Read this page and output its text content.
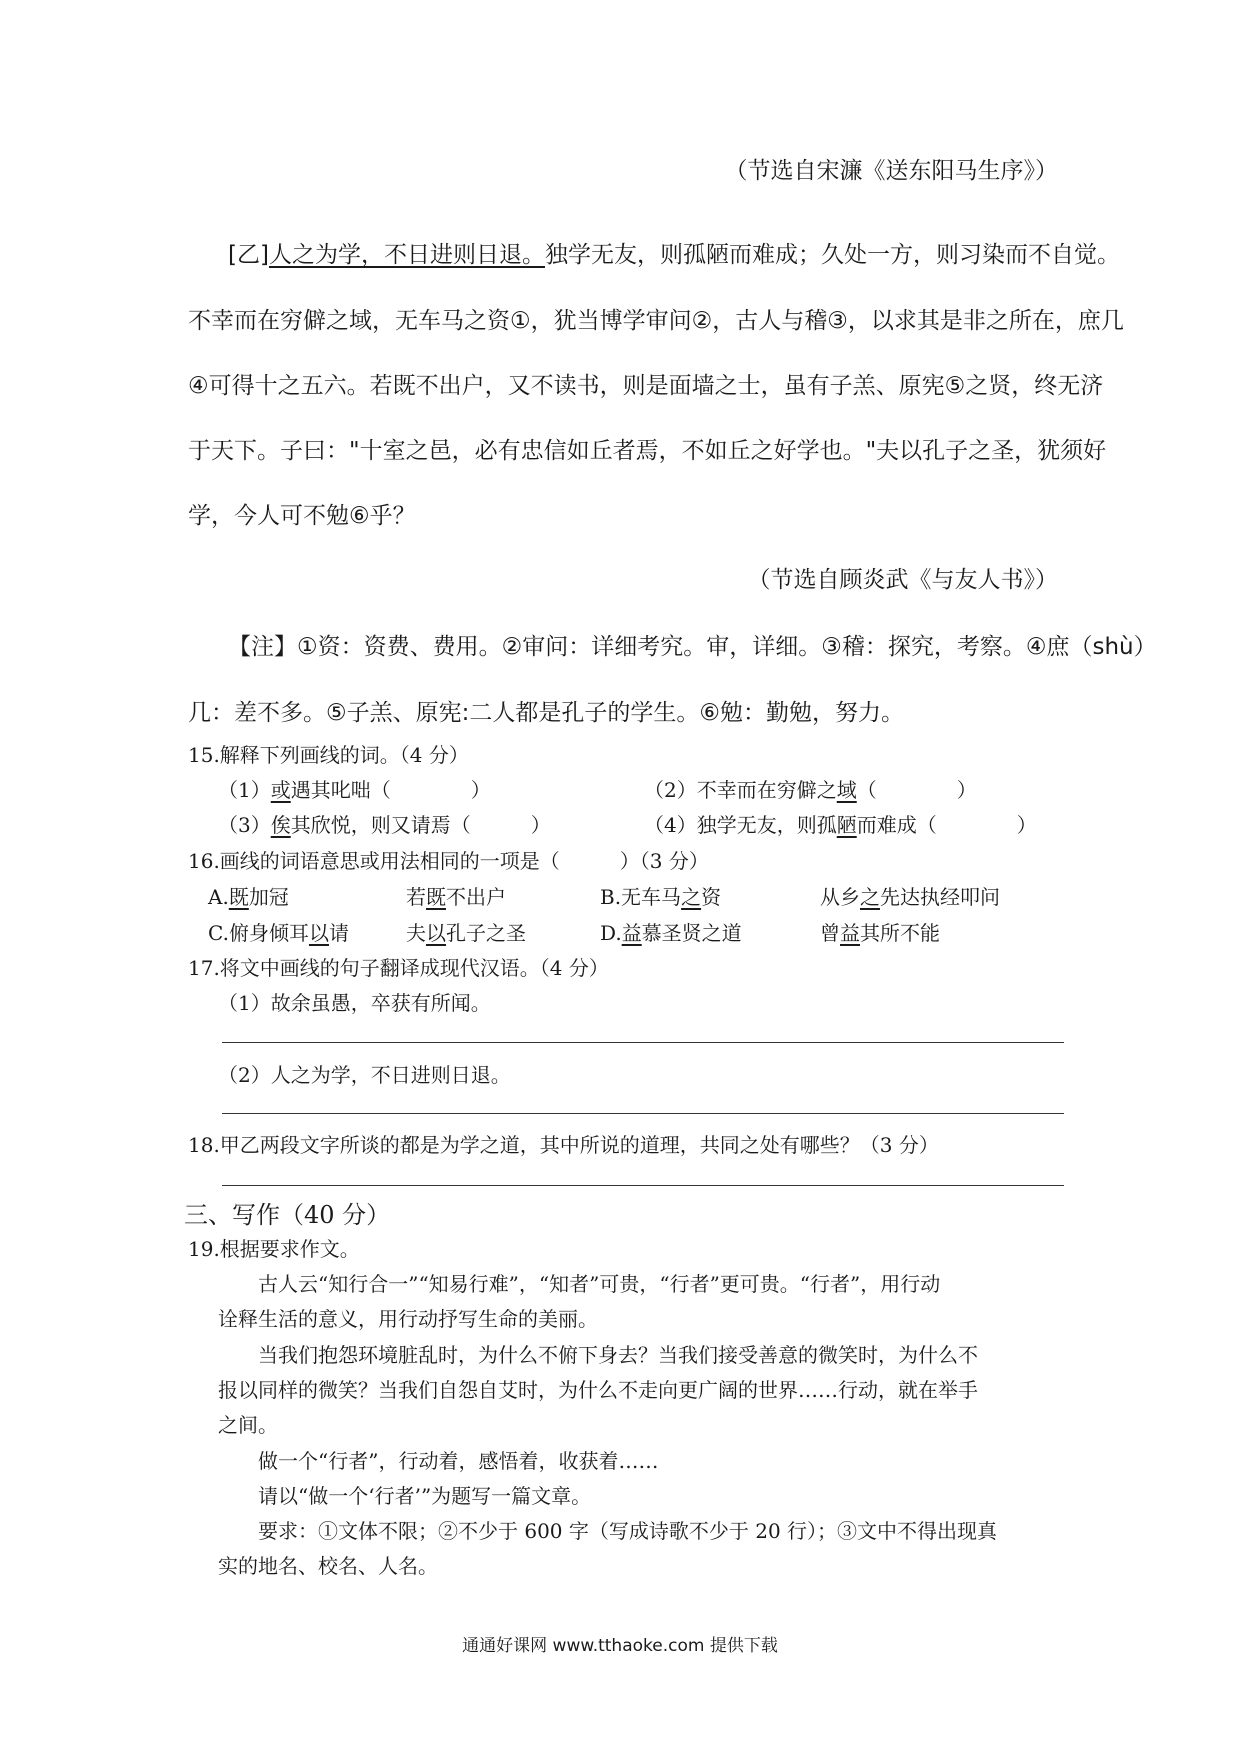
（节选自宋濂《送东阳马生序》）
[乙]人之为学，不日进则日退。独学无友，则孤陋而难成；久处一方，则习染而不自觉。
不幸而在穷僻之域，无车马之资①，犹当博学审问②，古人与稽③，以求其是非之所在，庶几
④可得十之五六。若既不出户，又不读书，则是面墙之士，虽有子羔、原宪⑤之贤，终无济
于天下。子曰："十室之邑，必有忠信如丘者焉，不如丘之好学也。"夫以孔子之圣，犹须好
学，今人可不勉⑥乎？
（节选自顾炎武《与友人书》）
【注】①资：资费、费用。②审问：详细考究。审，详细。③稽：探究，考察。④庶（shù）
几：差不多。⑤子羔、原宪:二人都是孔子的学生。⑥勉：勤勉，努力。
15.解释下列画线的词。（4 分）
（1）或遇其叱咄（　　　　）	（2）不幸而在穷僻之域（　　　　）
（3）俟其欣悦，则又请焉（　　　）	（4）独学无友，则孤陋而难成（　　　　）
16.画线的词语意思或用法相同的一项是（　　　）（3 分）
A.既加冠	若既不出户	B.无车马之资	从乡之先达执经叩问
C.俯身倾耳以请	夫以孔子之圣	D.益慕圣贤之道	曾益其所不能
17.将文中画线的句子翻译成现代汉语。（4 分）
（1）故余虽愚，卒获有所闻。
（2）人之为学，不日进则日退。
18.甲乙两段文字所谈的都是为学之道，其中所说的道理，共同之处有哪些？（3 分）
三、写作（40 分）
19.根据要求作文。
古人云“知行合一”“知易行难”，“知者”可贵，“行者”更可贵。“行者”，用行动
诠释生活的意义，用行动抒写生命的美丽。
当我们抱怨环境脏乱时，为什么不俯下身去？当我们接受善意的微笑时，为什么不
报以同样的微笑？当我们自怨自艾时，为什么不走向更广阔的世界……行动，就在举手
之间。
做一个“行者”，行动着，感悟着，收获着……
请以“做一个‘行者’”为题写一篇文章。
要求：①文体不限；②不少于 600 字（写成诗歌不少于 20 行）；③文中不得出现真
实的地名、校名、人名。
通通好课网 www.tthaoke.com 提供下载
